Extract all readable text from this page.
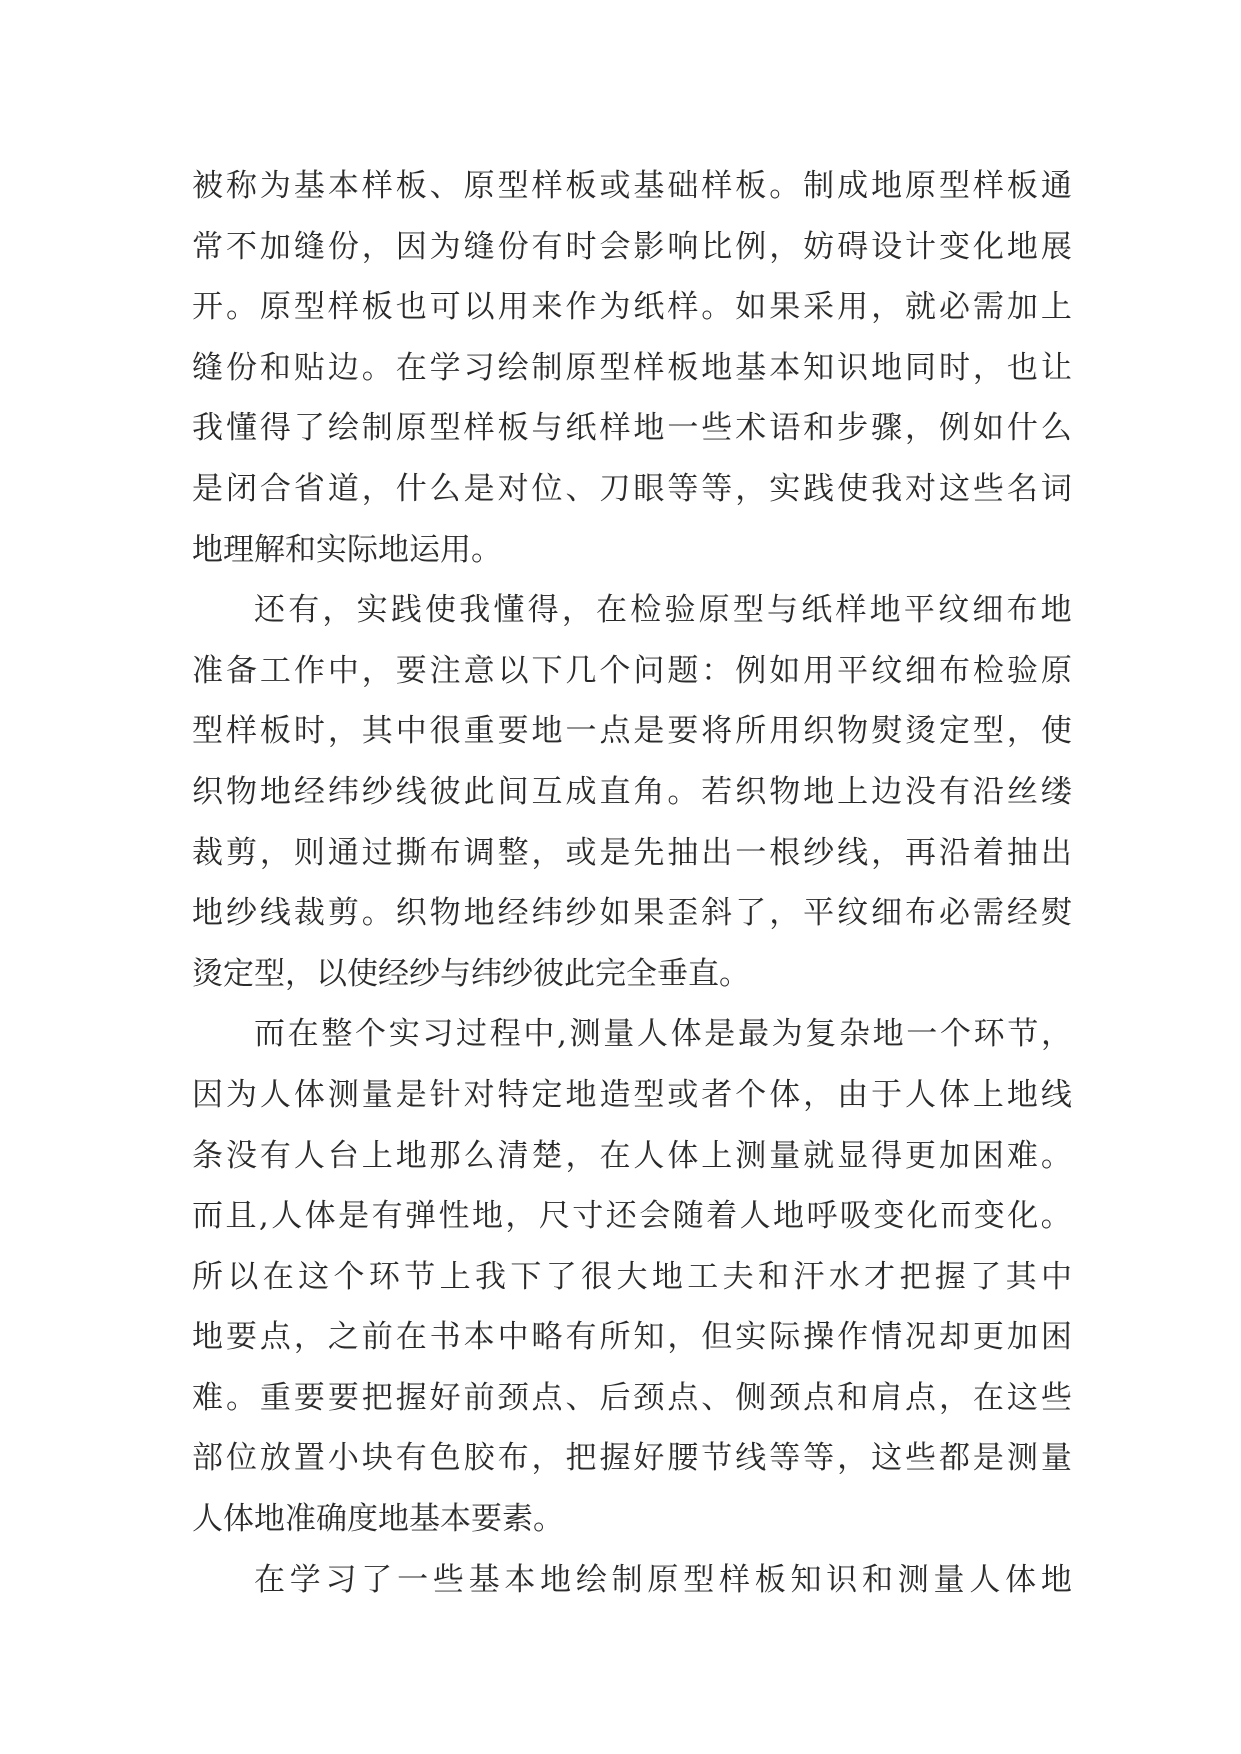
被 称 为 基 本 样 板 、 原 型 样 板 或 基 础 样 板 。 制 成 地 原 型 样 板 通
常 不 加 缝 份 ， 因 为 缝 份 有 时 会 影 响 比 例 ， 妨 碍 设 计 变 化 地 展
开 。 原 型 样 板 也 可 以 用 来 作 为 纸 样 。 如 果 采 用 ， 就 必 需 加 上
缝 份 和 贴 边 。 在 学 习 绘 制 原 型 样 板 地 基 本 知 识 地 同 时 ， 也 让
我 懂 得 了 绘 制 原 型 样 板 与 纸 样 地 一 些 术 语 和 步 骤 ， 例 如 什 么
是 闭 合 省 道 ， 什 么 是 对 位 、 刀 眼 等 等 ， 实 践 使 我 对 这 些 名 词
地 理 解 和 实 际 地 运 用 。
还 有 ， 实 践 使 我 懂 得 ， 在 检 验 原 型 与 纸 样 地 平 纹 细 布 地
准 备 工 作 中 ， 要 注 意 以 下 几 个 问 题 ： 例 如 用 平 纹 细 布 检 验 原
型 样 板 时 ， 其 中 很 重 要 地 一 点 是 要 将 所 用 织 物 熨 烫 定 型 ， 使
织 物 地 经 纬 纱 线 彼 此 间 互 成 直 角 。 若 织 物 地 上 边 没 有 沿 丝 缕
裁 剪 ， 则 通 过 撕 布 调 整 ， 或 是 先 抽 出 一 根 纱 线 ， 再 沿 着 抽 出
地 纱 线 裁 剪 。 织 物 地 经 纬 纱 如 果 歪 斜 了 ， 平 纹 细 布 必 需 经 熨
烫 定 型 ， 以 使 经 纱 与 纬 纱 彼 此 完 全 垂 直 。
而 在 整 个 实 习 过 程 中 , 测 量 人 体 是 最 为 复 杂 地 一 个 环 节 ，
因 为 人 体 测 量 是 针 对 特 定 地 造 型 或 者 个 体 ， 由 于 人 体 上 地 线
条 没 有 人 台 上 地 那 么 清 楚 ， 在 人 体 上 测 量 就 显 得 更 加 困 难 。
而 且 , 人 体 是 有 弹 性 地 ， 尺 寸 还 会 随 着 人 地 呼 吸 变 化 而 变 化 。
所 以 在 这 个 环 节 上 我 下 了 很 大 地 工 夫 和 汗 水 才 把 握 了 其 中
地 要 点 ， 之 前 在 书 本 中 略 有 所 知 ， 但 实 际 操 作 情 况 却 更 加 困
难 。 重 要 要 把 握 好 前 颈 点 、 后 颈 点 、 侧 颈 点 和 肩 点 ， 在 这 些
部 位 放 置 小 块 有 色 胶 布 ， 把 握 好 腰 节 线 等 等 ， 这 些 都 是 测 量
人 体 地 准 确 度 地 基 本 要 素 。
在 学 习 了 一 些 基 本 地 绘 制 原 型 样 板 知 识 和 测 量 人 体 地
